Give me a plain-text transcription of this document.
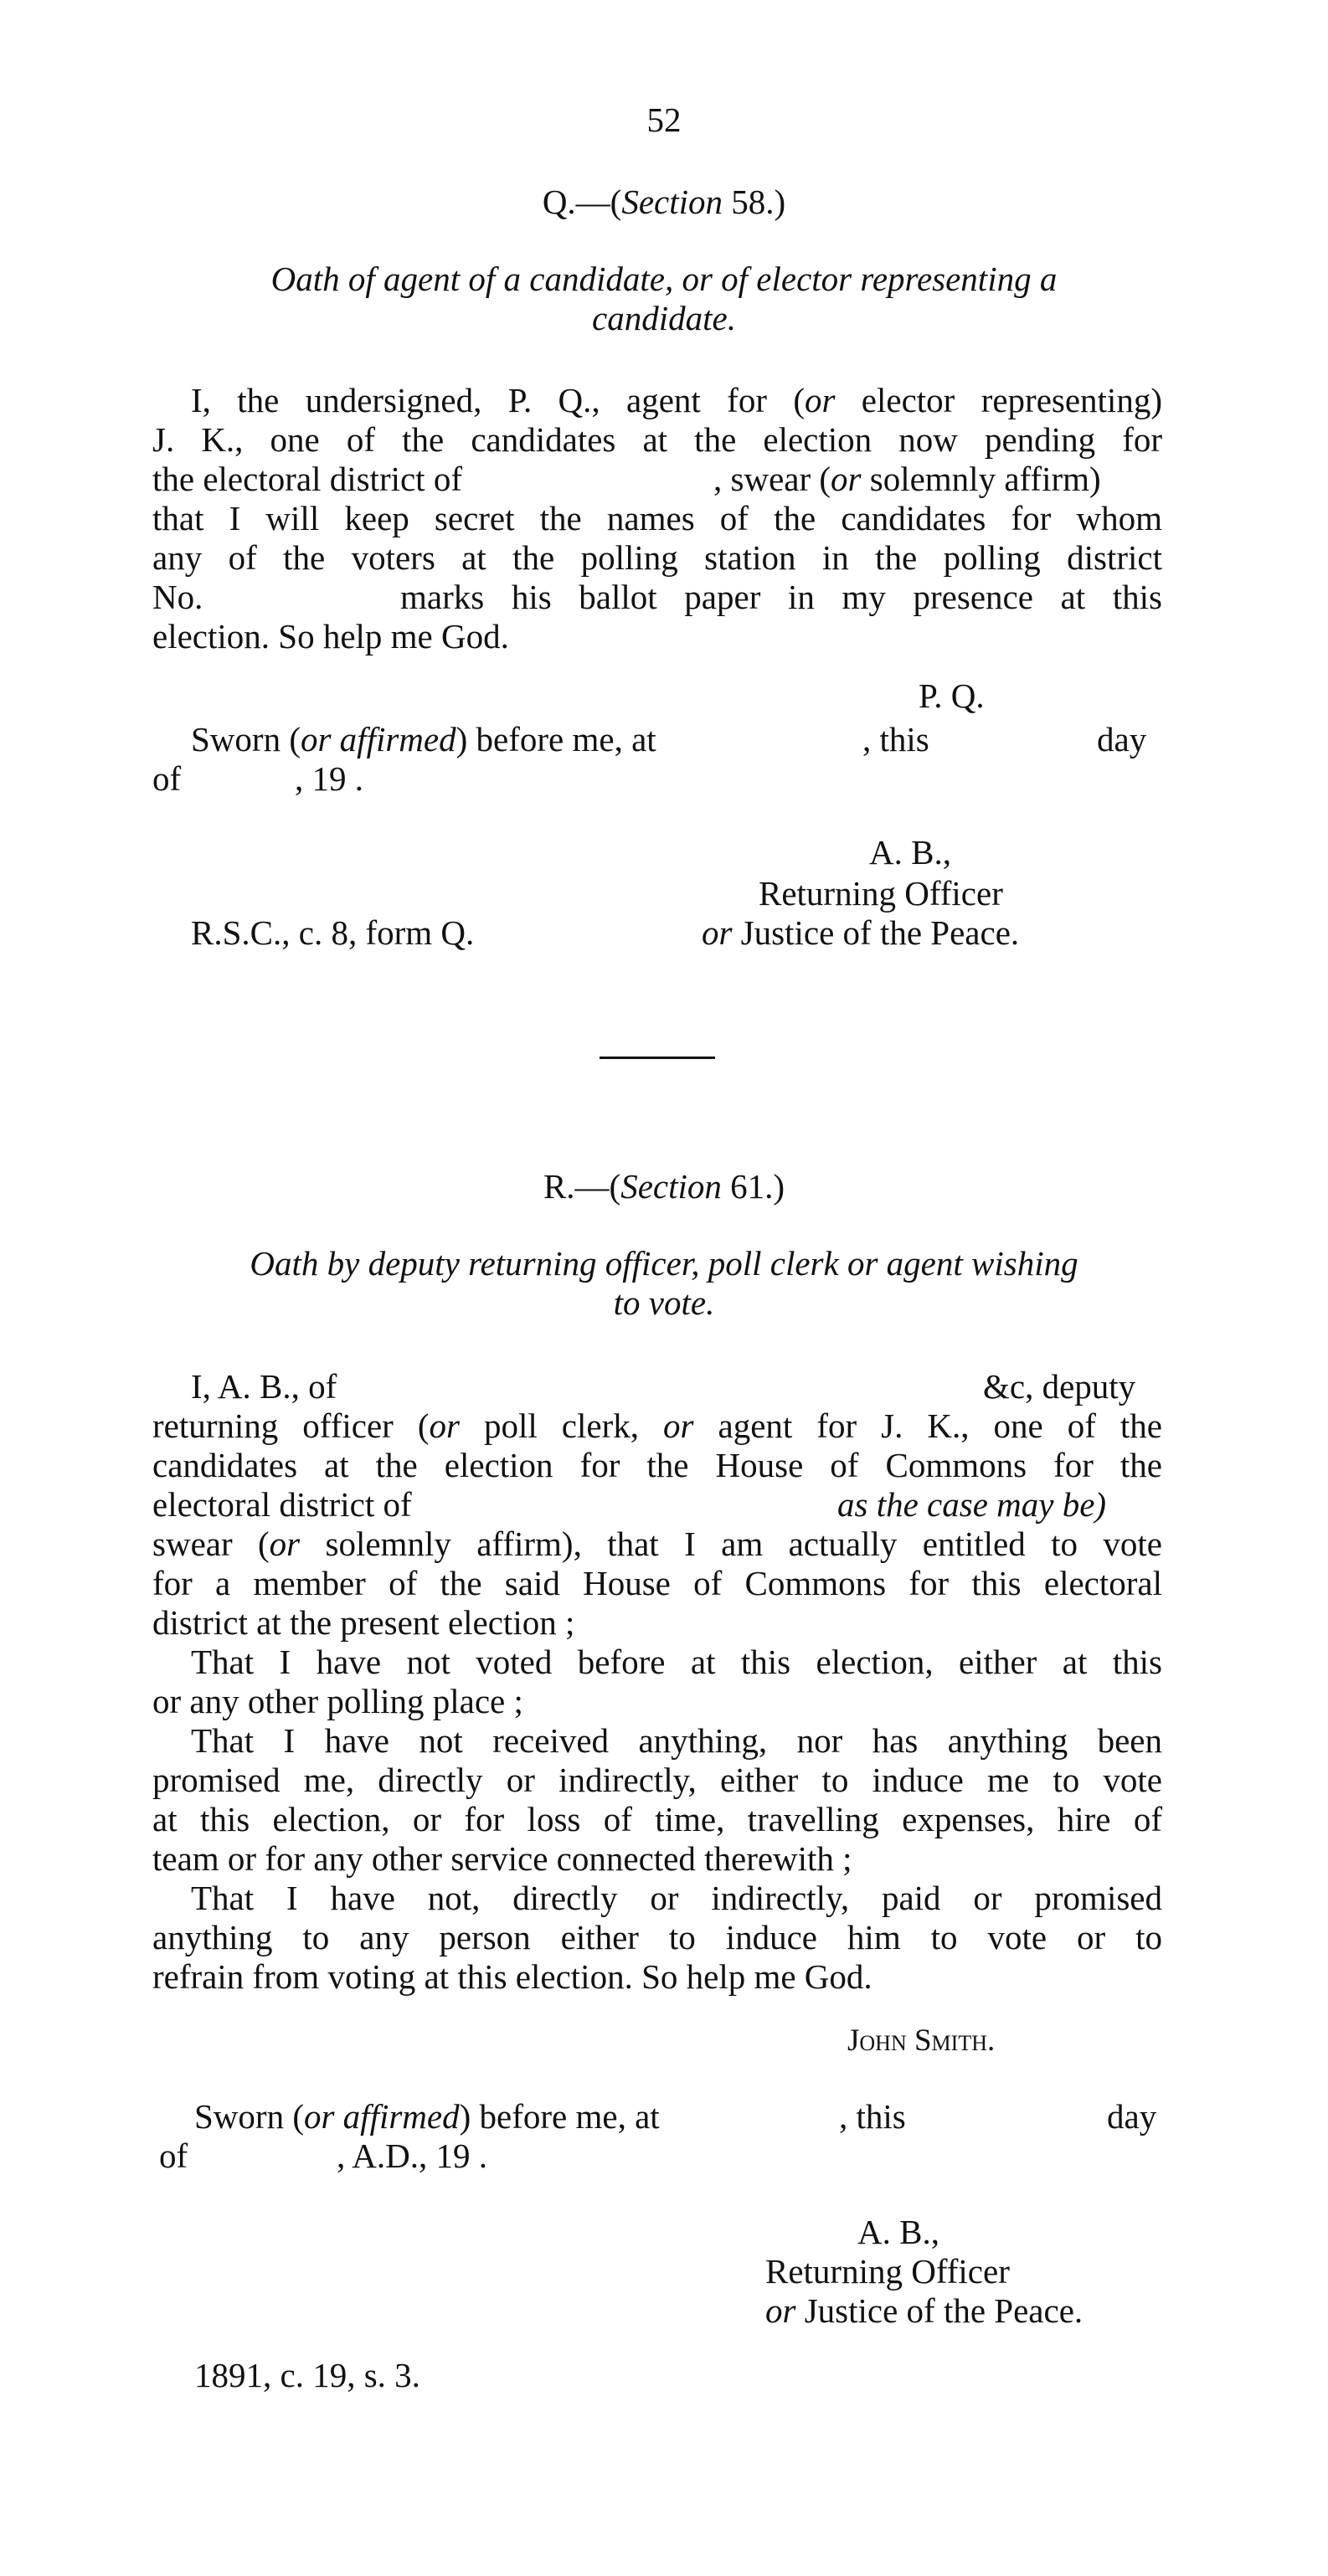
52
Q.—(Section 58.)
Oath of agent of a candidate, or of elector representing a
candidate.
I, the undersigned, P. Q., agent for (or elector representing)
J. K., one of the candidates at the election now pending for
the electoral district of	, swear (or solemnly affirm)
that I will keep secret the names of the candidates for whom
any of the voters at the polling station in the polling district
No.	marks his ballot paper in my presence at this
election. So help me God.
P. Q.
Sworn (or affirmed) before me, at	, this	day
of	, 19 .
A. B.,
Returning Officer
or Justice of the Peace.
R.S.C., c. 8, form Q.
R.—(Section 61.)
Oath by deputy returning officer, poll clerk or agent wishing
to vote.
I, A. B., of	&c, deputy
returning officer (or poll clerk, or agent for J. K., one of the
candidates at the election for the House of Commons for the
electoral district of	as the case may be)
swear (or solemnly affirm), that I am actually entitled to vote
for a member of the said House of Commons for this electoral
district at the present election ;
That I have not voted before at this election, either at this
or any other polling place ;
That I have not received anything, nor has anything been
promised me, directly or indirectly, either to induce me to vote
at this election, or for loss of time, travelling expenses, hire of
team or for any other service connected therewith ;
That I have not, directly or indirectly, paid or promised
anything to any person either to induce him to vote or to
refrain from voting at this election. So help me God.
John Smith.
Sworn (or affirmed) before me, at	, this	day
of	, A.D., 19 .
A. B.,
Returning Officer
or Justice of the Peace.
1891, c. 19, s. 3.
